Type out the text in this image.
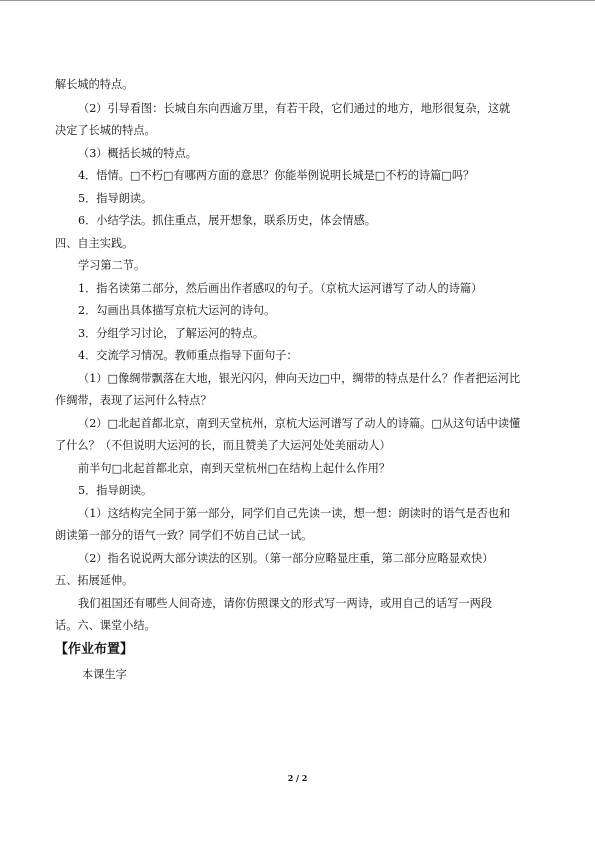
解长城的特点。
（2）引导看图：长城自东向西逾万里，有若干段，它们通过的地方，地形很复杂，这就
决定了长城的特点。
（3）概括长城的特点。
4．悟情。□不朽□有哪两方面的意思？你能举例说明长城是□不朽的诗篇□吗？
5．指导朗读。
6．小结学法。抓住重点，展开想象，联系历史，体会情感。
四、自主实践。
学习第二节。
1．指名读第二部分，然后画出作者感叹的句子。（京杭大运河谱写了动人的诗篇）
2．勾画出具体描写京杭大运河的诗句。
3．分组学习讨论，了解运河的特点。
4．交流学习情况。教师重点指导下面句子：
（1）□像绸带飘落在大地，银光闪闪，伸向天边□中，绸带的特点是什么？作者把运河比
作绸带，表现了运河什么特点？
（2）□北起首都北京，南到天堂杭州，京杭大运河谱写了动人的诗篇。□从这句话中读懂
了什么？（不但说明大运河的长，而且赞美了大运河处处美丽动人）
前半句□北起首都北京，南到天堂杭州□在结构上起什么作用？
5．指导朗读。
（1）这结构完全同于第一部分，同学们自己先读一读，想一想：朗读时的语气是否也和
朗读第一部分的语气一致？同学们不妨自己试一试。
（2）指名说说两大部分读法的区别。（第一部分应略显庄重，第二部分应略显欢快）
五、拓展延伸。
我们祖国还有哪些人间奇迹，请你仿照课文的形式写一两诗，或用自己的话写一两段
话。六、课堂小结。
【作业布置】
本课生字
2 / 2
